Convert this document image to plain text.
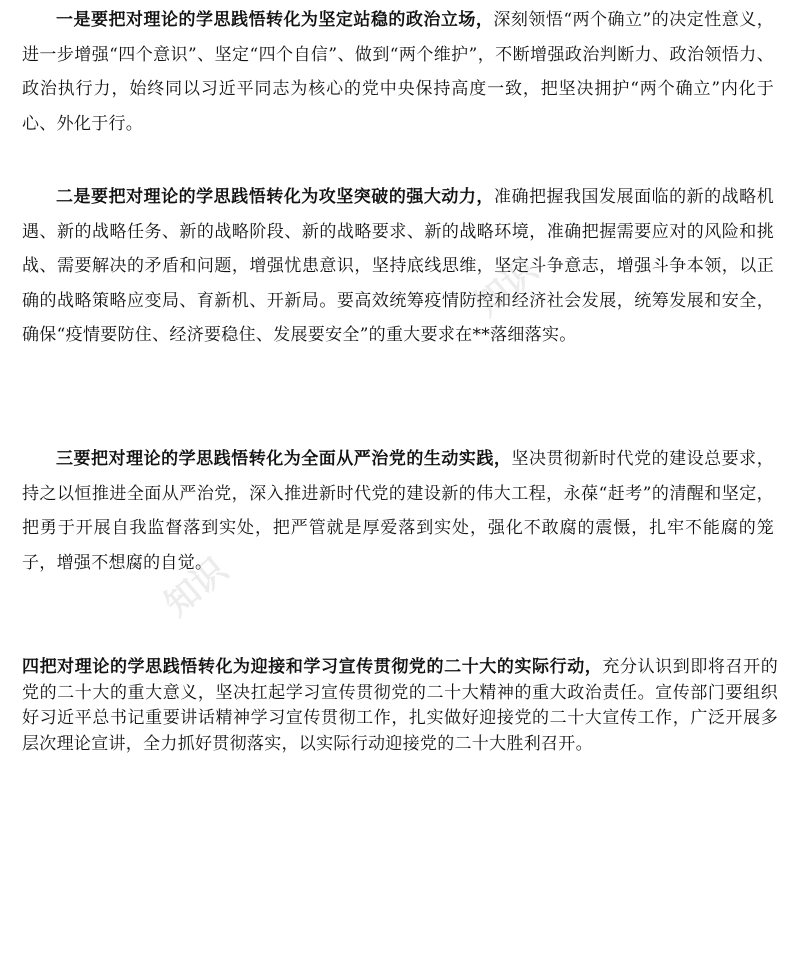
一是要把对理论的学思践悟转化为坚定站稳的政治立场，深刻领悟“两个确立”的决定性意义，进一步增强“四个意识”、坚定“四个自信”、做到“两个维护”，不断增强政治判断力、政治领悟力、政治执行力，始终同以习近平同志为核心的党中央保持高度一致，把坚决拥护“两个确立”内化于心、外化于行。

二是要把对理论的学思践悟转化为攻坚突破的强大动力，准确把握我国发展面临的新的战略机遇、新的战略任务、新的战略阶段、新的战略要求、新的战略环境，准确把握需要应对的风险和挑战、需要解决的矛盾和问题，增强忧患意识，坚持底线思维，坚定斗争意志，增强斗争本领，以正确的战略策略应变局、育新机、开新局。要高效统筹疫情防控和经济社会发展，统筹发展和安全，确保“疫情要防住、经济要稳住、发展要安全”的重大要求在**落细落实。

三要把对理论的学思践悟转化为全面从严治党的生动实践，坚决贯彻新时代党的建设总要求，持之以恒推进全面从严治党，深入推进新时代党的建设新的伟大工程，永葆“赶考”的清醒和坚定，把勇于开展自我监督落到实处，把严管就是厚爱落到实处，强化不敢腐的震慑，扎牢不能腐的笼子，增强不想腐的自觉。

四把对理论的学思践悟转化为迎接和学习宣传贯彻党的二十大的实际行动，充分认识到即将召开的党的二十大的重大意义，坚决扛起学习宣传贯彻党的二十大精神的重大政治责任。宣传部门要组织好习近平总书记重要讲话精神学习宣传贯彻工作，扎实做好迎接党的二十大宣传工作，广泛开展多层次理论宣讲，全力抓好贯彻落实，以实际行动迎接党的二十大胜利召开。

知识
知识
